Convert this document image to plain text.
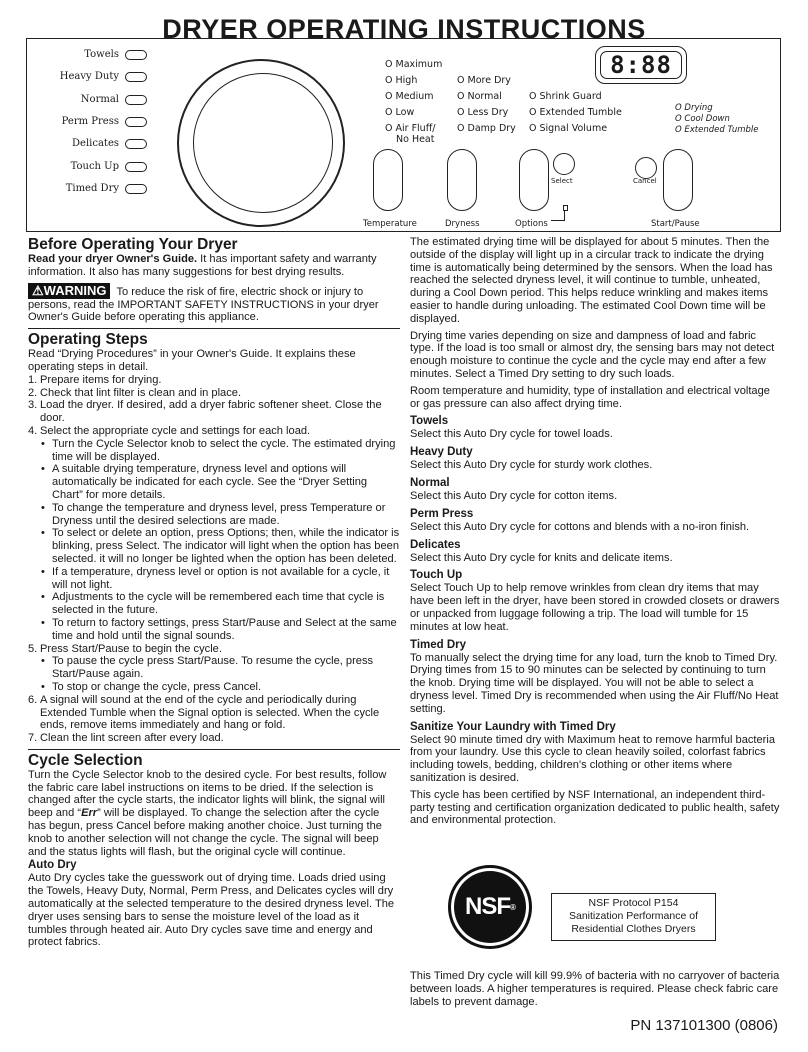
DRYER OPERATING INSTRUCTIONS
Towels
Heavy Duty
Normal
Perm Press
Delicates
Touch Up
Timed Dry
O Maximum
O High
O Medium
O Low
O Air Fluff/
No Heat
O More Dry
O Normal
O Less Dry
O Damp Dry
O Shrink Guard
O Extended Tumble
O Signal Volume
O Drying
O Cool Down
O Extended Tumble
8:88
Temperature	Dryness	Options
Select	Cancel
Start/Pause
Before Operating Your Dryer

Read your dryer Owner's Guide. It has important safety and warranty information. It also has many suggestions for best drying results.

⚠WARNING To reduce the risk of fire, electric shock or injury to persons, read the IMPORTANT SAFETY INSTRUCTIONS in your dryer Owner's Guide before operating this appliance.

Operating Steps

Read “Drying Procedures” in your Owner's Guide. It explains these operating steps in detail.

1. Prepare items for drying.
2. Check that lint filter is clean and in place.
3. Load the dryer. If desired, add a dryer fabric softener sheet. Close the door.
4. Select the appropriate cycle and settings for each load.
• Turn the Cycle Selector knob to select the cycle. The estimated drying time will be displayed.
• A suitable drying temperature, dryness level and options will automatically be indicated for each cycle. See the “Dryer Setting Chart” for more details.
• To change the temperature and dryness level, press Temperature or Dryness until the desired selections are made.
• To select or delete an option, press Options; then, while the indicator is blinking, press Select. The indicator will light when the option has been selected. it will no longer be lighted when the option has been deleted.
• If a temperature, dryness level or option is not available for a cycle, it will not light.
• Adjustments to the cycle will be remembered each time that cycle is selected in the future.
• To return to factory settings, press Start/Pause and Select at the same time and hold until the signal sounds.
5. Press Start/Pause to begin the cycle.
• To pause the cycle press Start/Pause. To resume the cycle, press Start/Pause again.
• To stop or change the cycle, press Cancel.
6. A signal will sound at the end of the cycle and periodically during Extended Tumble when the Signal option is selected. When the cycle ends, remove items immediately and hang or fold.
7. Clean the lint screen after every load.
Cycle Selection

Turn the Cycle Selector knob to the desired cycle. For best results, follow the fabric care label instructions on items to be dried. If the selection is changed after the cycle starts, the indicator lights will blink, the signal will beep and “Err” will be displayed. To change the selection after the cycle has begun, press Cancel before making another choice. Just turning the knob to another selection will not change the cycle. The signal will beep and the status lights will flash, but the original cycle will continue.

Auto Dry

Auto Dry cycles take the guesswork out of drying time. Loads dried using the Towels, Heavy Duty, Normal, Perm Press, and Delicates cycles will dry automatically at the selected temperature to the desired dryness level. The dryer uses sensing bars to sense the moisture level of the load as it tumbles through heated air. Auto Dry cycles save time and energy and protect fabrics.

The estimated drying time will be displayed for about 5 minutes. Then the outside of the display will light up in a circular track to indicate the drying time is automatically being determined by the sensors. When the load has reached the selected dryness level, it will continue to tumble, unheated, during a Cool Down period. This helps reduce wrinkling and makes items easier to handle during unloading. The estimated Cool Down time will be displayed.

Drying time varies depending on size and dampness of load and fabric type. If the load is too small or almost dry, the sensing bars may not detect enough moisture to continue the cycle and the cycle may end after a few minutes. Select a Timed Dry setting to dry such loads.

Room temperature and humidity, type of installation and electrical voltage or gas pressure can also affect drying time.

Towels

Select this Auto Dry cycle for towel loads.

Heavy Duty

Select this Auto Dry cycle for sturdy work clothes.

Normal

Select this Auto Dry cycle for cotton items.

Perm Press

Select this Auto Dry cycle for cottons and blends with a no-iron finish.

Delicates

Select this Auto Dry cycle for knits and delicate items.

Touch Up

Select Touch Up to help remove wrinkles from clean dry items that may have been left in the dryer, have been stored in crowded closets or drawers or unpacked from luggage following a trip. The load will tumble for 15 minutes at low heat.

Timed Dry

To manually select the drying time for any load, turn the knob to Timed Dry. Drying times from 15 to 90 minutes can be selected by continuing to turn the knob. Drying time will be displayed. You will not be able to select a dryness level. Timed Dry is recommended when using the Air Fluff/No Heat setting.

Sanitize Your Laundry with Timed Dry

Select 90 minute timed dry with Maximum heat to remove harmful bacteria from your laundry. Use this cycle to clean heavily soiled, colorfast fabrics including towels, bedding, children's clothing or other items where sanitization is desired.

This cycle has been certified by NSF International, an independent third-party testing and certification organization dedicated to public health, safety and environmental protection.

NSF ®	NSF Protocol P154
Sanitization Performance of
Residential Clothes Dryers

This Timed Dry cycle will kill 99.9% of bacteria with no carryover of bacteria between loads. A higher temperatures is required. Please check fabric care labels to prevent damage.

PN 137101300 (0806)
